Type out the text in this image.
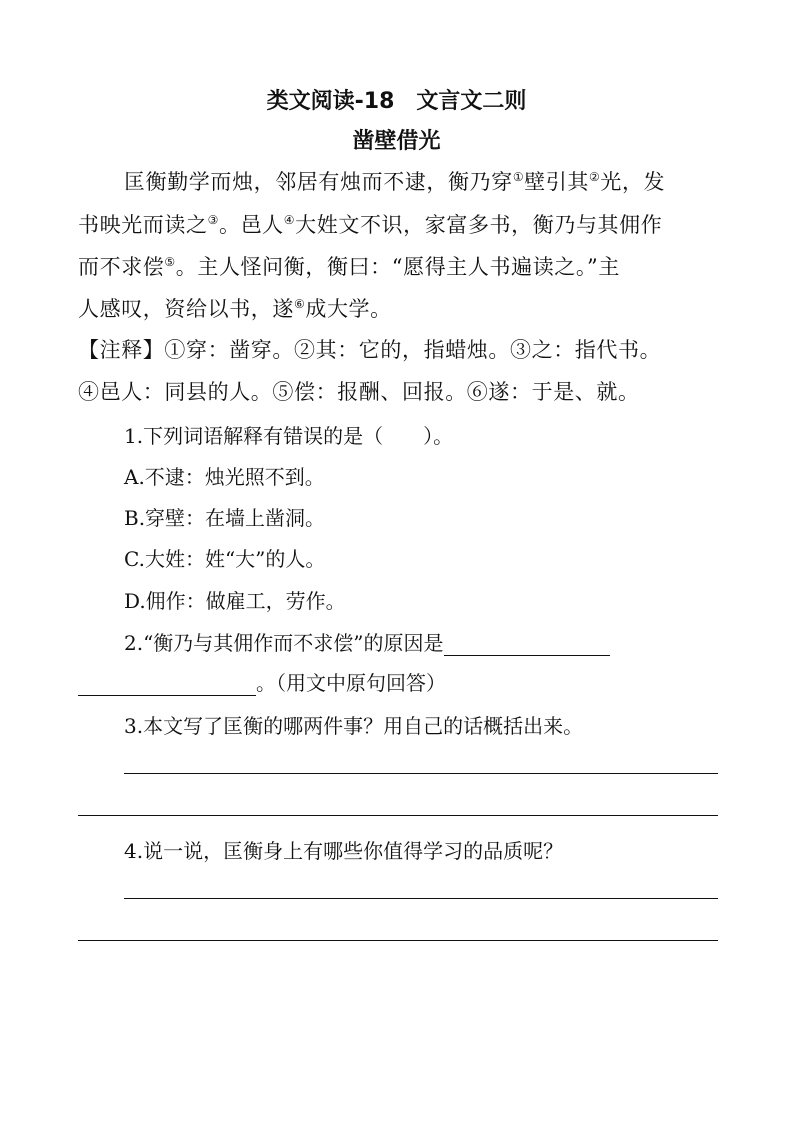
类文阅读-18　文言文二则
凿壁借光
匡衡勤学而烛，邻居有烛而不逮，衡乃穿①壁引其②光，发
书映光而读之③。邑人④大姓文不识，家富多书，衡乃与其佣作
而不求偿⑤。主人怪问衡，衡曰：“愿得主人书遍读之。”主
人感叹，资给以书，遂⑥成大学。
【注释】①穿：凿穿。②其：它的，指蜡烛。③之：指代书。
④邑人：同县的人。⑤偿：报酬、回报。⑥遂：于是、就。
1.下列词语解释有错误的是（　　）。
A.不逮：烛光照不到。
B.穿壁：在墙上凿洞。
C.大姓：姓“大”的人。
D.佣作：做雇工，劳作。
2.“衡乃与其佣作而不求偿”的原因是
。（用文中原句回答）
3.本文写了匡衡的哪两件事？用自己的话概括出来。
4.说一说，匡衡身上有哪些你值得学习的品质呢？
